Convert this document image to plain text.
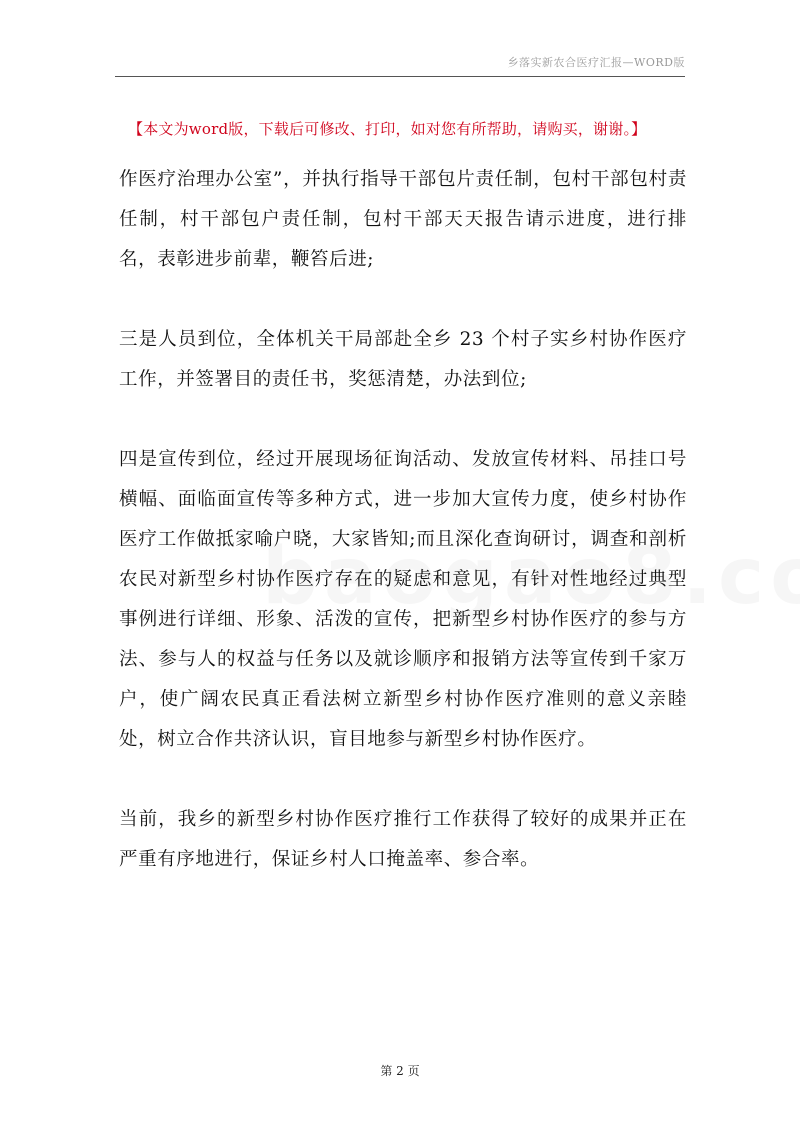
乡落实新农合医疗汇报—WORD版
【本文为word版，下载后可修改、打印，如对您有所帮助，请购买，谢谢。】

作医疗治理办公室”，并执行指导干部包片责任制，包村干部包村责任制，村干部包户责任制，包村干部天天报告请示进度，进行排名，表彰进步前辈，鞭笞后进;

三是人员到位，全体机关干局部赴全乡 23 个村子实乡村协作医疗工作，并签署目的责任书，奖惩清楚，办法到位;

四是宣传到位，经过开展现场征询活动、发放宣传材料、吊挂口号横幅、面临面宣传等多种方式，进一步加大宣传力度，使乡村协作医疗工作做抵家喻户晓，大家皆知;而且深化查询研讨，调查和剖析农民对新型乡村协作医疗存在的疑虑和意见，有针对性地经过典型事例进行详细、形象、活泼的宣传，把新型乡村协作医疗的参与方法、参与人的权益与任务以及就诊顺序和报销方法等宣传到千家万户，使广阔农民真正看法树立新型乡村协作医疗准则的意义亲睦处，树立合作共济认识，盲目地参与新型乡村协作医疗。

当前，我乡的新型乡村协作医疗推行工作获得了较好的成果并正在严重有序地进行，保证乡村人口掩盖率、参合率。

第 2 页
